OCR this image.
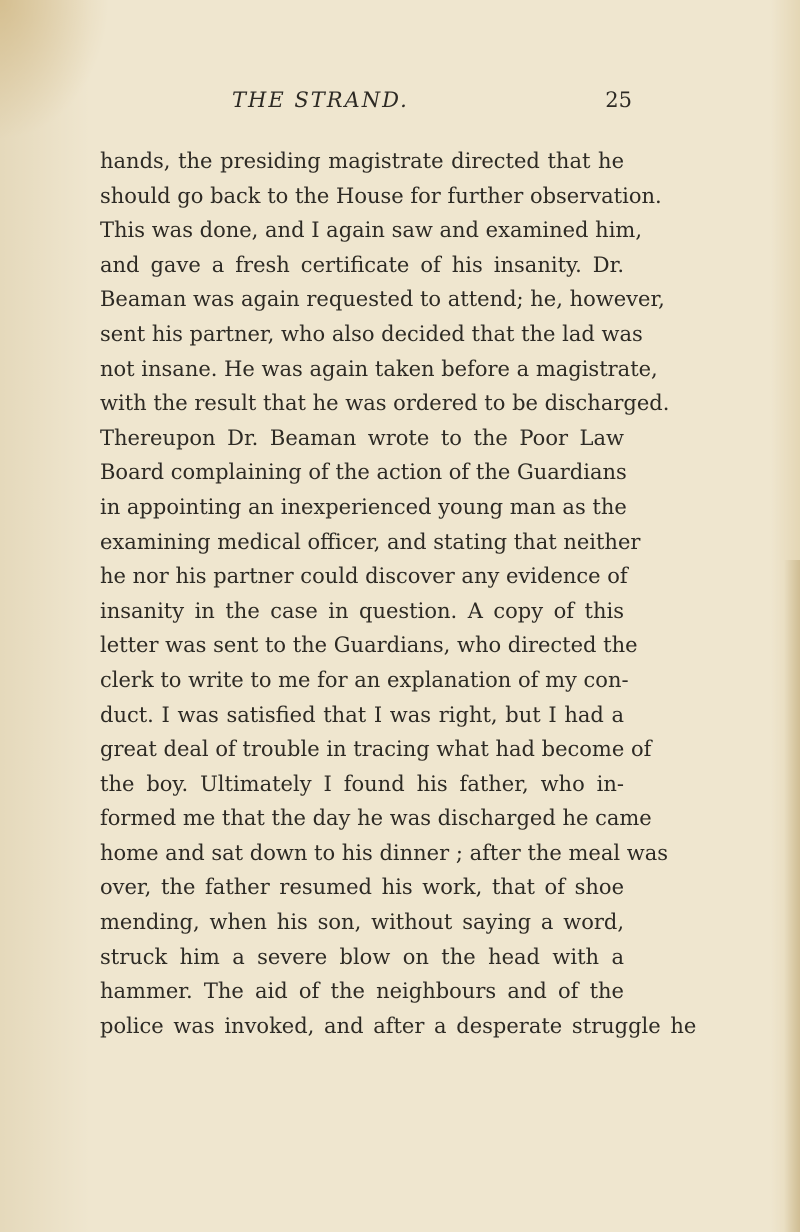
THE STRAND.	25
hands, the presiding magistrate directed that he
should go back to the House for further observation.
This was done, and I again saw and examined him,
and gave a fresh certificate of his insanity. Dr.
Beaman was again requested to attend; he, however,
sent his partner, who also decided that the lad was
not insane. He was again taken before a magistrate,
with the result that he was ordered to be discharged.
Thereupon Dr. Beaman wrote to the Poor Law
Board complaining of the action of the Guardians
in appointing an inexperienced young man as the
examining medical officer, and stating that neither
he nor his partner could discover any evidence of
insanity in the case in question. A copy of this
letter was sent to the Guardians, who directed the
clerk to write to me for an explanation of my con-
duct. I was satisfied that I was right, but I had a
great deal of trouble in tracing what had become of
the boy. Ultimately I found his father, who in-
formed me that the day he was discharged he came
home and sat down to his dinner ; after the meal was
over, the father resumed his work, that of shoe
mending, when his son, without saying a word,
struck him a severe blow on the head with a
hammer. The aid of the neighbours and of the
police was invoked, and after a desperate struggle he
